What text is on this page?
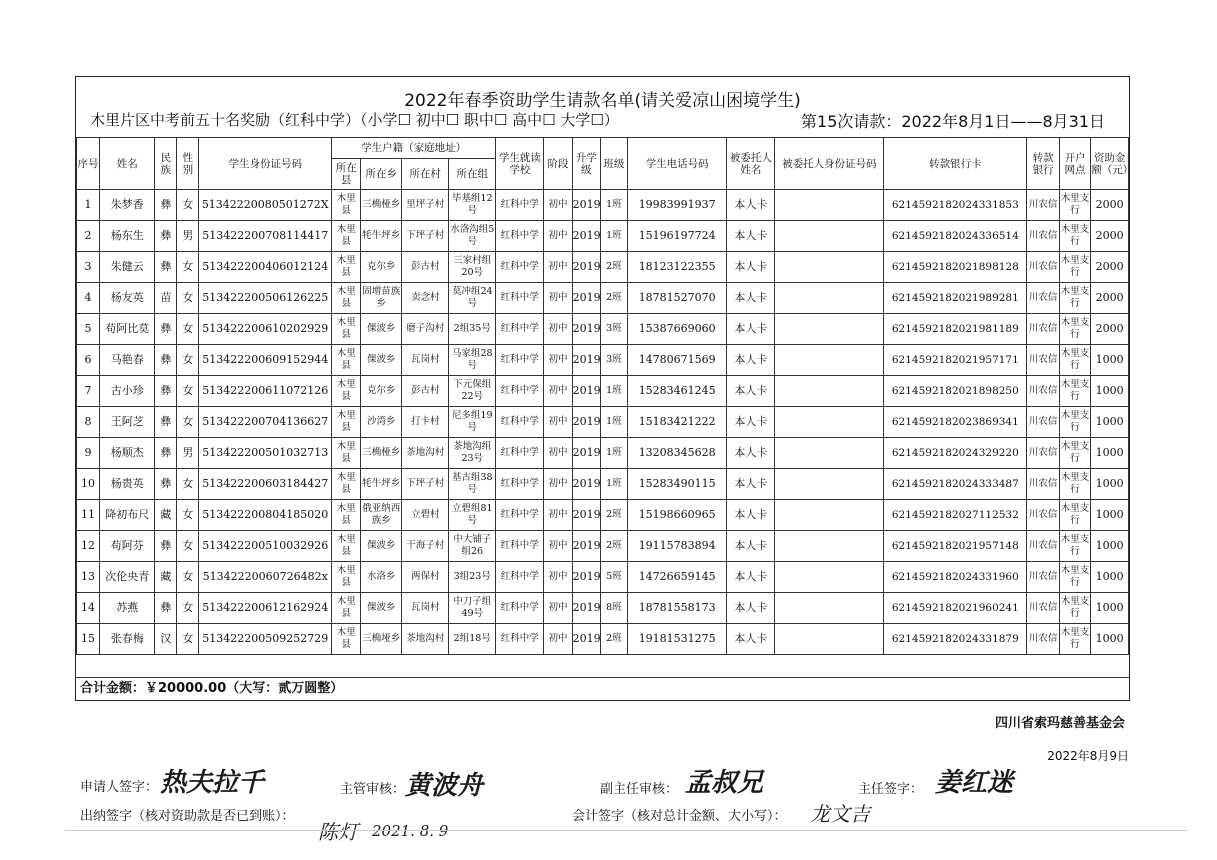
2022年春季资助学生请款名单(请关爱凉山困境学生)
木里片区中考前五十名奖励（红科中学）（小学☐ 初中☐ 职中☐ 高中☐ 大学☐）	第15次请款：2022年8月1日——8月31日
序号	姓名	民族	性别	学生身份证号码	学生户籍（家庭地址）				学生就读学校	阶段	升学级	班级	学生电话号码	被委托人姓名	被委托人身份证号码	转款银行卡	转款银行	开户网点	资助金额（元）
					所在县	所在乡	所在村	所在组											
1	朱梦香	彝	女	51342220080501272X	木里县	三桷桠乡	里坪子村	毕基组12号	红科中学	初中	2019	1班	19983991937	本人卡		6214592182024331853	川农信	木里支行	2000
2	杨东生	彝	男	513422200708114417	木里县	牦牛坪乡	下坪子村	水洛沟组5号	红科中学	初中	2019	1班	15196197724	本人卡		6214592182024336514	川农信	木里支行	2000
3	朱健云	彝	女	513422200406012124	木里县	克尔乡	彭古村	三家村组20号	红科中学	初中	2019	2班	18123122355	本人卡		6214592182021898128	川农信	木里支行	2000
4	杨友英	苗	女	513422200506126225	木里县	固增苗族乡	卖念村	莫冲组24号	红科中学	初中	2019	2班	18781527070	本人卡		6214592182021989281	川农信	木里支行	2000
5	苟阿比莫	彝	女	513422200610202929	木里县	倮波乡	磨子沟村	2组35号	红科中学	初中	2019	3班	15387669060	本人卡		6214592182021981189	川农信	木里支行	2000
6	马艳春	彝	女	513422200609152944	木里县	倮波乡	瓦岗村	马家组28号	红科中学	初中	2019	3班	14780671569	本人卡		6214592182021957171	川农信	木里支行	1000
7	古小珍	彝	女	513422200611072126	木里县	克尔乡	彭古村	下元保组22号	红科中学	初中	2019	1班	15283461245	本人卡		6214592182021898250	川农信	木里支行	1000
8	王阿芝	彝	女	513422200704136627	木里县	沙湾乡	打卡村	尼多组19号	红科中学	初中	2019	1班	15183421222	本人卡		6214592182023869341	川农信	木里支行	1000
9	杨顺杰	彝	男	513422200501032713	木里县	三桷桠乡	茶地沟村	茶地沟组23号	红科中学	初中	2019	1班	13208345628	本人卡		6214592182024329220	川农信	木里支行	1000
10	杨贵英	彝	女	513422200603184427	木里县	牦牛坪乡	下坪子村	基古组38号	红科中学	初中	2019	1班	15283490115	本人卡		6214592182024333487	川农信	木里支行	1000
11	降初布尺	藏	女	513422200804185020	木里县	俄亚纳西族乡	立碧村	立碧组81号	红科中学	初中	2019	2班	15198660965	本人卡		6214592182027112532	川农信	木里支行	1000
12	苟阿芬	彝	女	513422200510032926	木里县	倮波乡	干海子村	中大铺子组26	红科中学	初中	2019	2班	19115783894	本人卡		6214592182021957148	川农信	木里支行	1000
13	次伦央青	藏	女	51342220060726482x	木里县	水洛乡	两保村	3组23号	红科中学	初中	2019	5班	14726659145	本人卡		6214592182024331960	川农信	木里支行	1000
14	苏燕	彝	女	513422200612162924	木里县	倮波乡	瓦岗村	中刀子组49号	红科中学	初中	2019	8班	18781558173	本人卡		6214592182021960241	川农信	木里支行	1000
15	张春梅	汉	女	513422200509252729	木里县	三桷垭乡	茶地沟村	2组18号	红科中学	初中	2019	2班	19181531275	本人卡		6214592182024331879	川农信	木里支行	1000
合计金额：￥20000.00（大写：贰万圆整）
四川省索玛慈善基金会
2022年8月9日
申请人签字： 热夫拉千	主管审核： 黄波舟	副主任审核： 孟叔兄	主任签字： 姜红迷
出纳签字（核对资助款是否已到账）：
陈灯 2021. 8. 9
会计签字（核对总计金额、大小写）： 龙文吉
